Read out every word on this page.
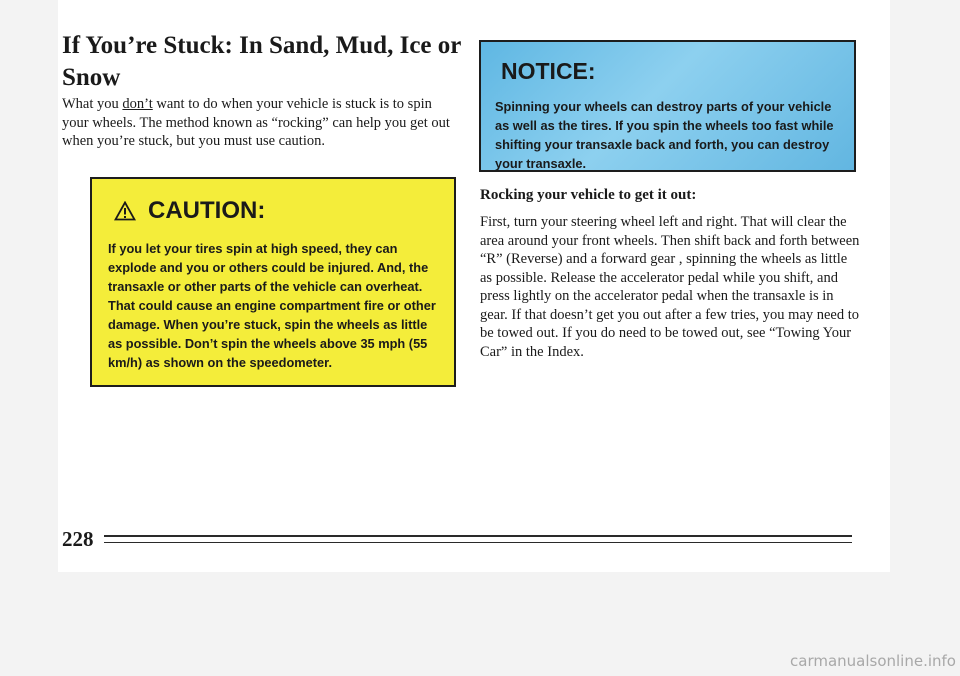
If You’re Stuck: In Sand, Mud, Ice or Snow

What you don’t want to do when your vehicle is stuck is to spin your wheels. The method known as “rocking” can help you get out when you’re stuck, but you must use caution.

CAUTION:

If you let your tires spin at high speed, they can explode and you or others could be injured. And, the transaxle or other parts of the vehicle can overheat. That could cause an engine compartment fire or other damage. When you’re stuck, spin the wheels as little as possible. Don’t spin the wheels above 35 mph (55 km/h) as shown on the speedometer.

NOTICE:

Spinning your wheels can destroy parts of your vehicle as well as the tires. If you spin the wheels too fast while shifting your transaxle back and forth, you can destroy your transaxle.

Rocking your vehicle to get it out:

First, turn your steering wheel left and right. That will clear the area around your front wheels. Then shift back and forth between “R” (Reverse) and a forward gear , spinning the wheels as little as possible. Release the accelerator pedal while you shift, and press lightly on the accelerator pedal when the transaxle is in gear. If that doesn’t get you out after a few tries, you may need to be towed out. If you do need to be towed out, see “Towing Your Car” in the Index.

228
carmanualsonline.info
